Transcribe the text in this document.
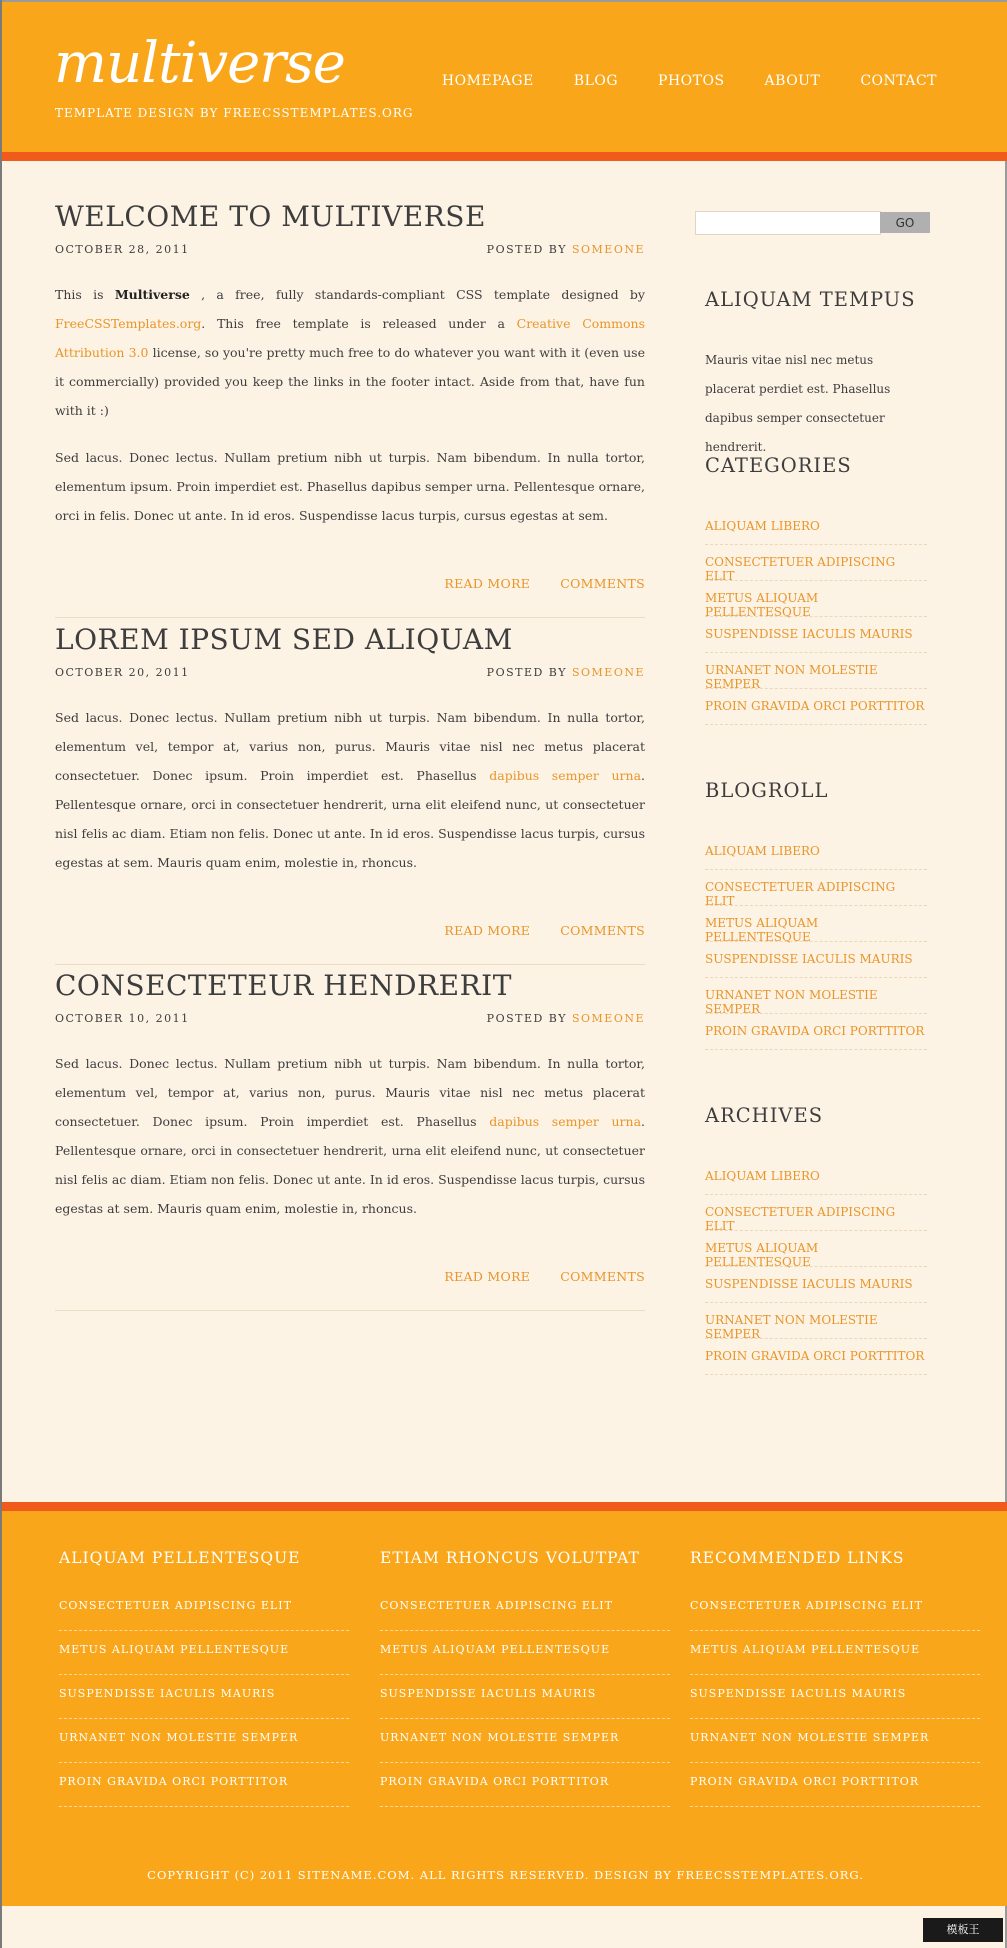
multiverse
TEMPLATE DESIGN BY FREECSSTEMPLATES.ORG
HOMEPAGE	BLOG	PHOTOS	ABOUT	CONTACT
WELCOME TO MULTIVERSE
OCTOBER 28, 2011	POSTED BY SOMEONE

This is Multiverse , a free, fully standards-compliant CSS template designed by FreeCSSTemplates.org. This free template is released under a Creative Commons Attribution 3.0 license, so you're pretty much free to do whatever you want with it (even use it commercially) provided you keep the links in the footer intact. Aside from that, have fun with it :)

Sed lacus. Donec lectus. Nullam pretium nibh ut turpis. Nam bibendum. In nulla tortor, elementum ipsum. Proin imperdiet est. Phasellus dapibus semper urna. Pellentesque ornare, orci in felis. Donec ut ante. In id eros. Suspendisse lacus turpis, cursus egestas at sem.

READ MORE COMMENTS
LOREM IPSUM SED ALIQUAM
OCTOBER 20, 2011	POSTED BY SOMEONE

Sed lacus. Donec lectus. Nullam pretium nibh ut turpis. Nam bibendum. In nulla tortor, elementum vel, tempor at, varius non, purus. Mauris vitae nisl nec metus placerat consectetuer. Donec ipsum. Proin imperdiet est. Phasellus dapibus semper urna. Pellentesque ornare, orci in consectetuer hendrerit, urna elit eleifend nunc, ut consectetuer nisl felis ac diam. Etiam non felis. Donec ut ante. In id eros. Suspendisse lacus turpis, cursus egestas at sem. Mauris quam enim, molestie in, rhoncus.

READ MORE COMMENTS
CONSECTETEUR HENDRERIT
OCTOBER 10, 2011	POSTED BY SOMEONE

Sed lacus. Donec lectus. Nullam pretium nibh ut turpis. Nam bibendum. In nulla tortor, elementum vel, tempor at, varius non, purus. Mauris vitae nisl nec metus placerat consectetuer. Donec ipsum. Proin imperdiet est. Phasellus dapibus semper urna. Pellentesque ornare, orci in consectetuer hendrerit, urna elit eleifend nunc, ut consectetuer nisl felis ac diam. Etiam non felis. Donec ut ante. In id eros. Suspendisse lacus turpis, cursus egestas at sem. Mauris quam enim, molestie in, rhoncus.

READ MORE COMMENTS
GO
ALIQUAM TEMPUS
Mauris vitae nisl nec metus placerat perdiet est. Phasellus dapibus semper consectetuer hendrerit.
CATEGORIES
ALIQUAM LIBERO
CONSECTETUER ADIPISCING ELIT
METUS ALIQUAM PELLENTESQUE
SUSPENDISSE IACULIS MAURIS
URNANET NON MOLESTIE SEMPER
PROIN GRAVIDA ORCI PORTTITOR
BLOGROLL
ALIQUAM LIBERO
CONSECTETUER ADIPISCING ELIT
METUS ALIQUAM PELLENTESQUE
SUSPENDISSE IACULIS MAURIS
URNANET NON MOLESTIE SEMPER
PROIN GRAVIDA ORCI PORTTITOR
ARCHIVES
ALIQUAM LIBERO
CONSECTETUER ADIPISCING ELIT
METUS ALIQUAM PELLENTESQUE
SUSPENDISSE IACULIS MAURIS
URNANET NON MOLESTIE SEMPER
PROIN GRAVIDA ORCI PORTTITOR
ALIQUAM PELLENTESQUE
CONSECTETUER ADIPISCING ELIT
METUS ALIQUAM PELLENTESQUE
SUSPENDISSE IACULIS MAURIS
URNANET NON MOLESTIE SEMPER
PROIN GRAVIDA ORCI PORTTITOR
ETIAM RHONCUS VOLUTPAT
CONSECTETUER ADIPISCING ELIT
METUS ALIQUAM PELLENTESQUE
SUSPENDISSE IACULIS MAURIS
URNANET NON MOLESTIE SEMPER
PROIN GRAVIDA ORCI PORTTITOR
RECOMMENDED LINKS
CONSECTETUER ADIPISCING ELIT
METUS ALIQUAM PELLENTESQUE
SUSPENDISSE IACULIS MAURIS
URNANET NON MOLESTIE SEMPER
PROIN GRAVIDA ORCI PORTTITOR
COPYRIGHT (C) 2011 SITENAME.COM. ALL RIGHTS RESERVED. DESIGN BY FREECSSTEMPLATES.ORG.
模板王
